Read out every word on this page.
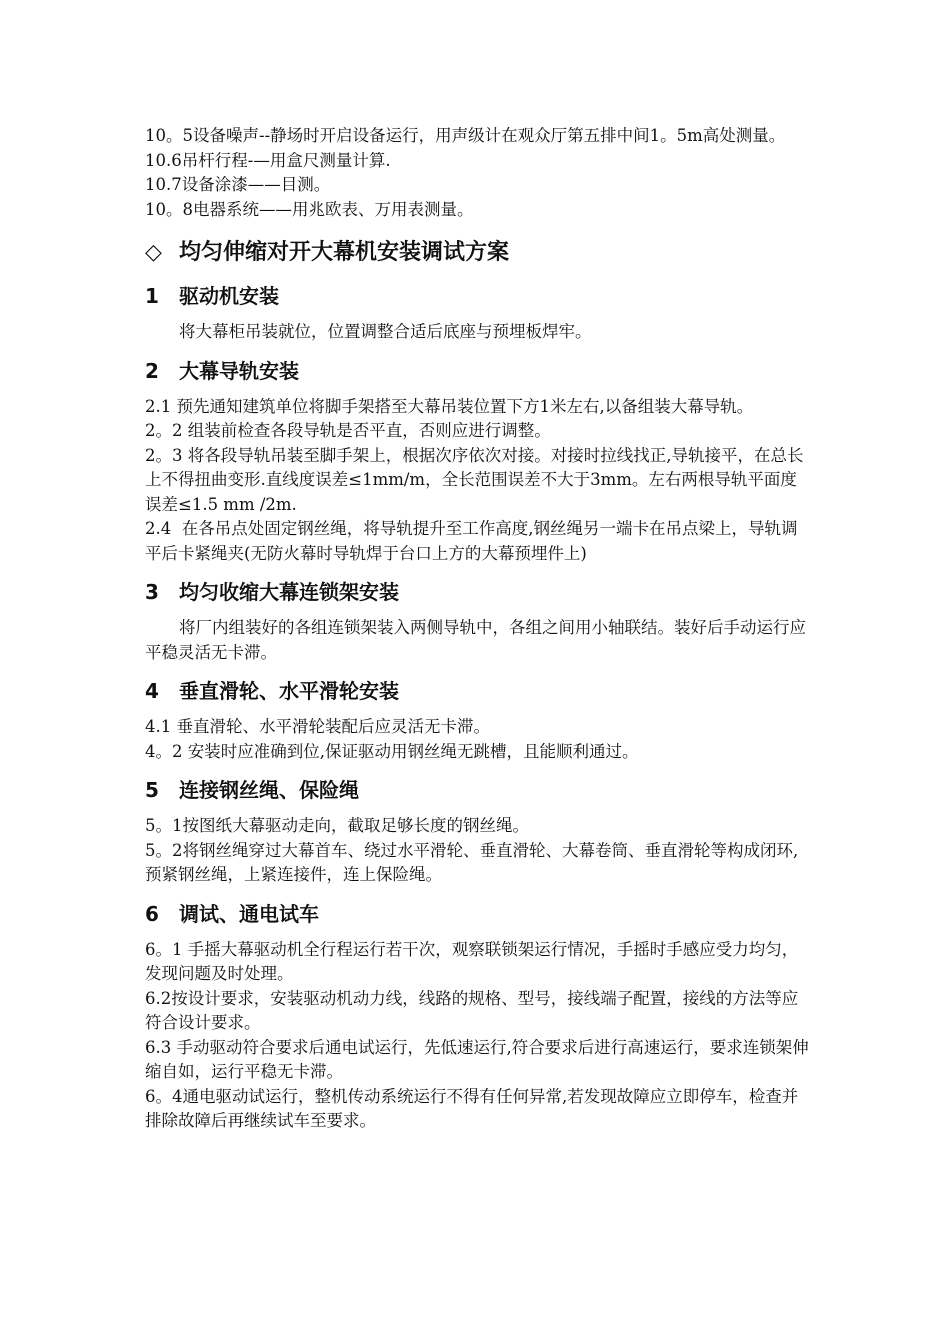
10。5设备噪声--静场时开启设备运行，用声级计在观众厅第五排中间1。5m高处测量。

10.6吊杆行程-—用盒尺测量计算.

10.7设备涂漆——目测。

10。8电器系统——用兆欧表、万用表测量。

◇ 均匀伸缩对开大幕机安装调试方案
1 驱动机安装

将大幕柜吊装就位，位置调整合适后底座与预埋板焊牢。

2 大幕导轨安装

2.1 预先通知建筑单位将脚手架搭至大幕吊装位置下方1米左右,以备组装大幕导轨。

2。2 组装前检查各段导轨是否平直，否则应进行调整。

2。3 将各段导轨吊装至脚手架上，根据次序依次对接。对接时拉线找正,导轨接平，在总长上不得扭曲变形.直线度误差≤1mm/m，全长范围误差不大于3mm。左右两根导轨平面度误差≤1.5 mm /2m.

2.4  在各吊点处固定钢丝绳，将导轨提升至工作高度,钢丝绳另一端卡在吊点梁上，导轨调平后卡紧绳夹(无防火幕时导轨焊于台口上方的大幕预埋件上)

3 均匀收缩大幕连锁架安装

将厂内组装好的各组连锁架装入两侧导轨中，各组之间用小轴联结。装好后手动运行应平稳灵活无卡滞。

4 垂直滑轮、水平滑轮安装

4.1 垂直滑轮、水平滑轮装配后应灵活无卡滞。

4。2 安装时应准确到位,保证驱动用钢丝绳无跳槽，且能顺利通过。

5 连接钢丝绳、保险绳

5。1按图纸大幕驱动走向，截取足够长度的钢丝绳。

5。2将钢丝绳穿过大幕首车、绕过水平滑轮、垂直滑轮、大幕卷筒、垂直滑轮等构成闭环,预紧钢丝绳，上紧连接件，连上保险绳。

6 调试、通电试车

6。1 手摇大幕驱动机全行程运行若干次，观察联锁架运行情况，手摇时手感应受力均匀，发现问题及时处理。

6.2按设计要求，安装驱动机动力线，线路的规格、型号，接线端子配置，接线的方法等应符合设计要求。

6.3 手动驱动符合要求后通电试运行，先低速运行,符合要求后进行高速运行，要求连锁架伸缩自如，运行平稳无卡滞。

6。4通电驱动试运行，整机传动系统运行不得有任何异常,若发现故障应立即停车，检查并排除故障后再继续试车至要求。
